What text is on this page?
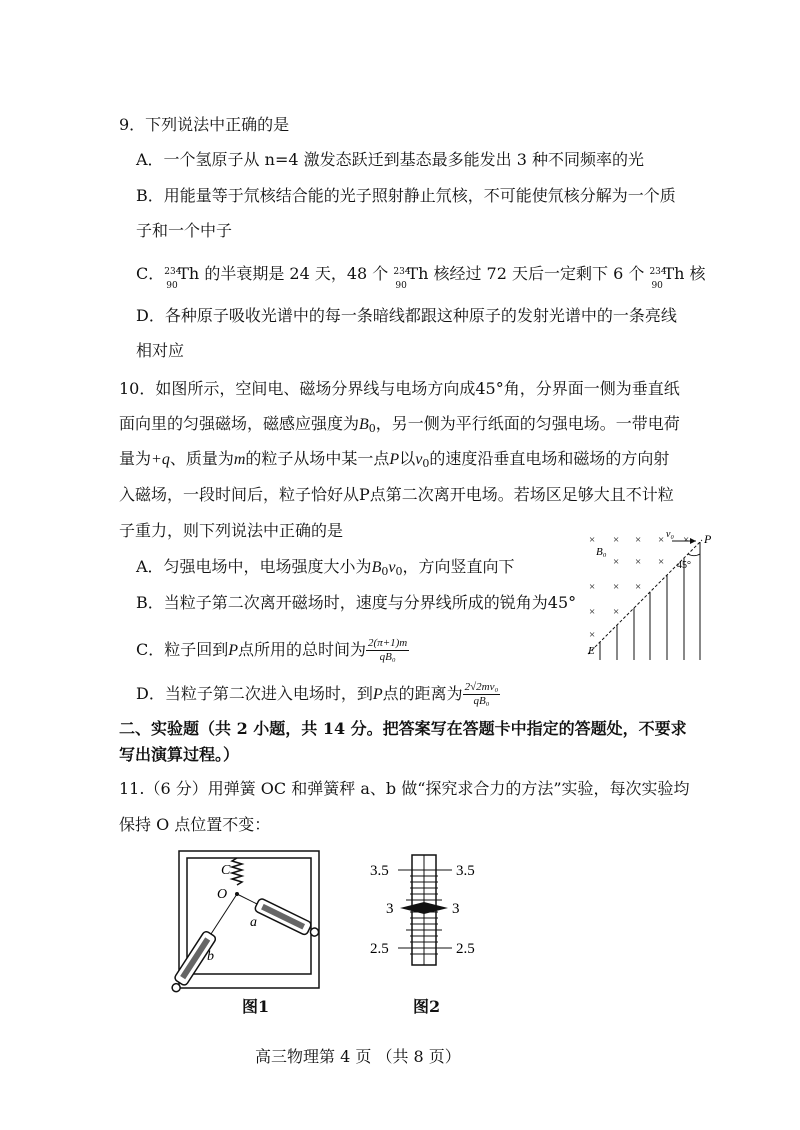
9．下列说法中正确的是
A．一个氢原子从 n=4 激发态跃迁到基态最多能发出 3 种不同频率的光
B．用能量等于氘核结合能的光子照射静止氘核，不可能使氘核分解为一个质
子和一个中子
C． 234
90
Th 的半衰期是 24 天，48 个 234
90
Th 核经过 72 天后一定剩下 6 个 234
90
Th 核
D．各种原子吸收光谱中的每一条暗线都跟这种原子的发射光谱中的一条亮线
相对应
10．如图所示，空间电、磁场分界线与电场方向成45°角，分界面一侧为垂直纸
面向里的匀强磁场，磁感应强度为$B_0$，另一侧为平行纸面的匀强电场。一带电荷
量为+q、质量为m的粒子从场中某一点P以$v_0$的速度沿垂直电场和磁场的方向射
入磁场，一段时间后，粒子恰好从P点第二次离开电场。若场区足够大且不计粒
子重力，则下列说法中正确的是
A．匀强电场中，电场强度大小为$B_0v_0$，方向竖直向下
B．当粒子第二次离开磁场时，速度与分界线所成的锐角为45°
C．粒子回到P点所用的总时间为 $\frac{2(\pi+1)m}{\text{qB₀}}$
D．当粒子第二次进入电场时，到P点的距离为 $\frac{\text{2√2mv₀}}{\text{qB₀}}$
× × × × ×
× × ×
× × ×
× ×
×
v₀	P
B₀
45°
E
二、实验题（共 2 小题，共 14 分。把答案写在答题卡中指定的答题处，不要求
写出演算过程。）
11.（6 分）用弹簧 OC 和弹簧秤 a、b 做“探究求合力的方法”实验，每次实验均
保持 O 点位置不变：
C
O
a
b
图1
3.5	3.5
3	3
2.5	2.5
图2
高三物理第 4 页 （共 8 页）
